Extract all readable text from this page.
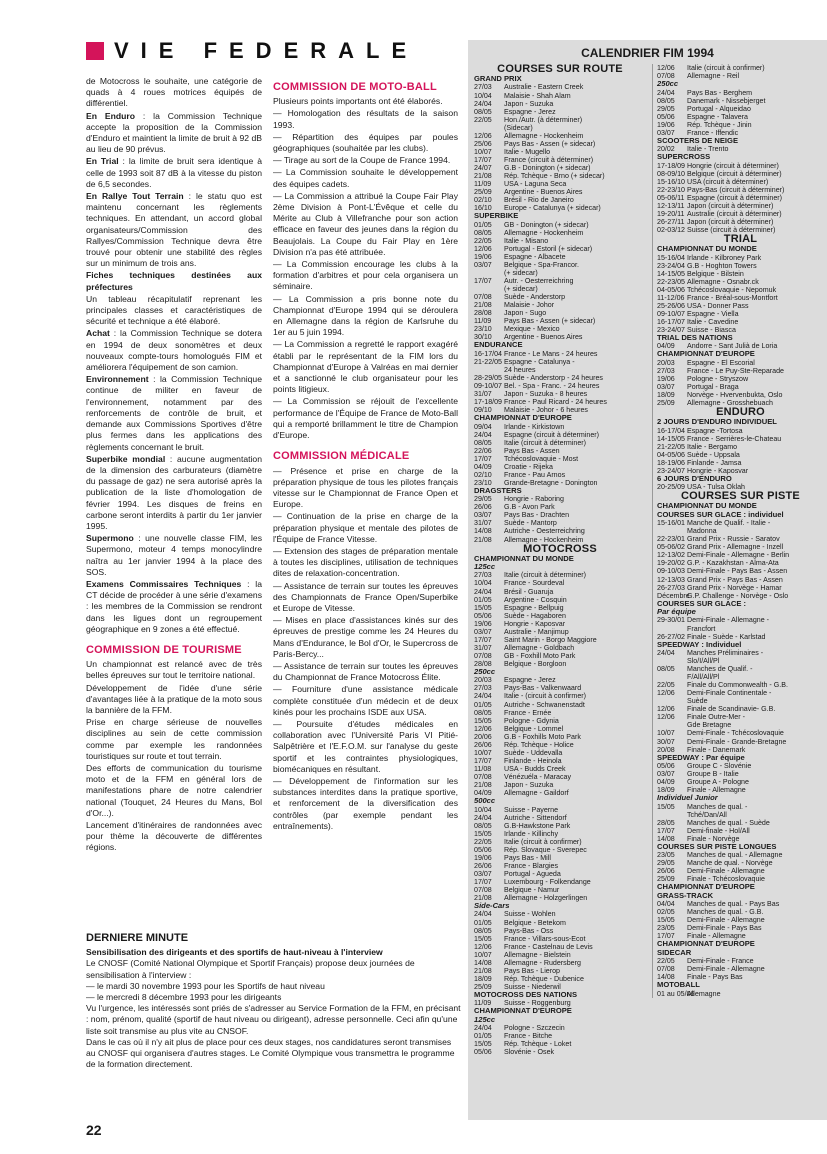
VIE FEDERALE

de Motocross le souhaite, une catégorie de quads à 4 roues motrices équipés de différentiel.

En Enduro : la Commission Technique accepte la proposition de la Commission d'Enduro et maintient la limite de bruit à 92 dB au lieu de 90 prévus.

En Trial : la limite de bruit sera identique à celle de 1993 soit 87 dB à la vitesse du piston de 6,5 secondes.

En Rallye Tout Terrain : le statu quo est maintenu concernant les règlements techniques. En attendant, un accord global organisateurs/Commission des Rallyes/Commission Technique devra être trouvé pour obtenir une stabilité des règles sur un minimum de trois ans.

Fiches techniques destinées aux préfectures

Un tableau récapitulatif reprenant les principales classes et caractéristiques de sécurité et technique a été élaboré.

Achat : la Commission Technique se dotera en 1994 de deux sonomètres et deux nouveaux compte-tours homologués FIM et améliorera l'équipement de son camion.

Environnement : la Commission Technique continue de militer en faveur de l'environnement, notamment par des renforcements de contrôle de bruit, et demande aux Commissions Sportives d'être plus fermes dans les applications des règlements concernant le bruit.

Superbike mondial : aucune augmentation de la dimension des carburateurs (diamètre du passage de gaz) ne sera autorisé après la publication de la liste d'homologation de février 1994. Les disques de freins en carbone seront interdits à partir du 1er janvier 1995.

Supermono : une nouvelle classe FIM, les Supermono, moteur 4 temps monocylindre naîtra au 1er janvier 1994 à la place des SOS.

Examens Commissaires Techniques : la CT décide de procéder à une série d'examens : les membres de la Commission se rendront dans les ligues dont un regroupement géographique en 9 zones a été effectué.

COMMISSION DE TOURISME

Un championnat est relancé avec de très belles épreuves sur tout le territoire national.

Développement de l'idée d'une série d'avantages liée à la pratique de la moto sous la bannière de la FFM.

Prise en charge sérieuse de nouvelles disciplines au sein de cette commission comme par exemple les randonnées touristiques sur route et tout terrain.

Des efforts de communication du tourisme moto et de la FFM en général lors de manifestations phare de notre calendrier national (Touquet, 24 Heures du Mans, Bol d'Or...).

Lancement d'itinéraires de randonnées avec pour thème la découverte de différentes régions.

COMMISSION DE MOTO-BALL

Plusieurs points importants ont été élaborés.

— Homologation des résultats de la saison 1993.

— Répartition des équipes par poules géographiques (souhaitée par les clubs).

— Tirage au sort de la Coupe de France 1994.

— La Commission souhaite le développement des équipes cadets.

— La Commission a attribué la Coupe Fair Play 2ème Division à Pont-L'Évêque et celle du Mérite au Club à Villefranche pour son action efficace en faveur des jeunes dans la région du Beaujolais. La Coupe du Fair Play en 1ère Division n'a pas été attribuée.

— La Commission encourage les clubs à la formation d'arbitres et pour cela organisera un séminaire.

— La Commission a pris bonne note du Championnat d'Europe 1994 qui se déroulera en Allemagne dans la région de Karlsruhe du 1er au 5 juin 1994.

— La Commission a regretté le rapport exagéré établi par le représentant de la FIM lors du Championnat d'Europe à Valréas en mai dernier et a sanctionné le club organisateur pour les points litigieux.

— La Commission se réjouit de l'excellente performance de l'Équipe de France de Moto-Ball qui a remporté brillamment le titre de Champion d'Europe.

COMMISSION MÉDICALE

— Présence et prise en charge de la préparation physique de tous les pilotes français vitesse sur le Championnat de France Open et Europe.

— Continuation de la prise en charge de la préparation physique et mentale des pilotes de l'Équipe de France Vitesse.

— Extension des stages de préparation mentale à toutes les disciplines, utilisation de techniques dites de relaxation-concentration.

— Assistance de terrain sur toutes les épreuves des Championnats de France Open/Superbike et Europe de Vitesse.

— Mises en place d'assistances kinés sur des épreuves de prestige comme les 24 Heures du Mans d'Endurance, le Bol d'Or, le Supercross de Paris-Bercy...

— Assistance de terrain sur toutes les épreuves du Championnat de France Motocross Élite.

— Fourniture d'une assistance médicale complète constituée d'un médecin et de deux kinés pour les prochains ISDE aux USA.

— Poursuite d'études médicales en collaboration avec l'Université Paris VI Pitié-Salpêtrière et l'E.F.O.M. sur l'analyse du geste sportif et les contraintes physiologiques, biomécaniques en résultant.

— Développement de l'information sur les substances interdites dans la pratique sportive, et renforcement de la diversification des contrôles (par exemple pendant les entraînements).

CALENDRIER FIM 1994
COURSES SUR ROUTE
GRAND PRIX
27/03	Australie - Eastern Creek
10/04	Malaisie - Shah Alam
24/04	Japon - Suzuka
08/05	Espagne - Jerez
22/05	Hon./Autr. (à déterminer)
(Sidecar)
12/06	Allemagne - Hockenheim
25/06	Pays Bas - Assen (+ sidecar)
10/07	Italie - Mugello
17/07	France (circuit à déterminer)
24/07	G.B - Donington (+ sidecar)
21/08	Rép. Tchèque - Brno (+ sidecar)
11/09	USA - Laguna Seca
25/09	Argentine - Buenos Aires
02/10	Brésil - Rio de Janeiro
16/10	Europe - Catalunya (+ sidecar)
SUPERBIKE
01/05	GB - Donington (+ sidecar)
08/05	Allemagne - Hockenheim
22/05	Italie - Misano
12/06	Portugal - Estoril (+ sidecar)
19/06	Espagne - Albacete
03/07	Belgique - Spa-Francor.
(+ sidecar)
17/07	Autr. - Oesterreichring
(+ sidecar)
07/08	Suède - Anderstorp
21/08	Malaisie - Johor
28/08	Japon - Sugo
11/09	Pays Bas - Assen (+ sidecar)
23/10	Mexique - Mexico
30/10	Argentine - Buenos Aires
ENDURANCE
16-17/04 France - Le Mans - 24 heures
21-22/05 Espagne - Catalunya -
24 heures
28-29/05 Suède - Anderstorp - 24 heures
09-10/07 Bel. - Spa - Franc. - 24 heures
31/07	Japon - Suzuka - 8 heures
17-18/09 France - Paul Ricard - 24 heures
09/10	Malaisie - Johor - 6 heures
CHAMPIONNAT D'EUROPE
09/04	Irlande - Kirkistown
24/04	Espagne (circuit à déterminer)
08/05	Italie (circuit à déterminer)
22/06	Pays Bas - Assen
17/07	Tchécoslovaquie - Most
04/09	Croatie - Rijeka
02/10	France - Pau Arnos
23/10	Grande-Bretagne - Donington
DRAGSTERS
29/05	Hongrie - Raboring
26/06	G.B - Avon Park
03/07	Pays Bas - Drachten
31/07	Suède - Mantorp
14/08	Autriche - Oesterreichring
21/08	Allemagne - Hockenheim
MOTOCROSS
CHAMPIONNAT DU MONDE
125cc
27/03	Italie (circuit à déterminer)
10/04	France - Sourdeval
24/04	Brésil - Guaruja
01/05	Argentine - Cosquin
15/05	Espagne - Bellpuig
05/06	Suède - Hagaboren
19/06	Hongrie - Kaposvar
03/07	Australie - Manjimup
17/07	Saint Marin - Borgo Maggiore
31/07	Allemagne - Goldbach
07/08	GB - Foxhill Moto Park
28/08	Belgique - Borgloon
250cc
20/03	Espagne - Jerez
27/03	Pays-Bas - Valkenwaard
24/04	Italie - (circuit à confirmer)
01/05	Autriche - Schwanenstadt
08/05	France - Ernée
15/05	Pologne - Gdynia
12/06	Belgique - Lommel
20/06	G.B - Foxhills Moto Park
26/06	Rép. Tchèque - Holice
10/07	Suède - Uddevalla
17/07	Finlande - Heinola
11/08	USA - Budds Creek
07/08	Vénézuéla - Maracay
21/08	Japon - Suzuka
04/09	Allemagne - Gaildorf
500cc
10/04	Suisse - Payerne
24/04	Autriche - Sittendorf
08/05	G.B-Hawkstone Park
15/05	Irlande - Killinchy
22/05	Italie (circuit à confirmer)
05/06	Rép. Slovaque - Sverepec
19/06	Pays Bas - Mill
26/06	France - Blargies
03/07	Portugal - Agueda
17/07	Luxembourg - Folkendange
07/08	Belgique - Namur
21/08	Allemagne - Holzgerlingen
Side-Cars
24/04	Suisse - Wohlen
01/05	Belgique - Betekom
08/05	Pays-Bas - Oss
15/05	France - Villars-sous-Ecot
12/06	France - Castelnau de Levis
10/07	Allemagne - Bielstein
14/08	Allemagne - Rudersberg
21/08	Pays Bas - Lierop
18/09	Rép. Tchèque - Dubenice
25/09	Suisse - Niederwil
MOTOCROSS DES NATIONS
11/09	Suisse - Roggenburg
CHAMPIONNAT D'EUROPE
125cc
24/04	Pologne - Szczecin
01/05	France - Bitche
15/05	Rép. Tchèque - Loket
05/06	Slovénie - Osek
12/06	Italie (circuit à confirmer)
07/08	Allemagne - Reil
250cc
24/04	Pays Bas - Berghem
08/05	Danemark - Nissebjerget
29/05	Portugal - Alqueidao
05/06	Espagne - Talavera
19/06	Rép. Tchèque - Jinin
03/07	France - Iffendic
SCOOTERS DE NEIGE
20/02	Italie - Trento
SUPERCROSS
17-18/09 Hongrie (circuit à déterminer)
08-09/10 Belgique (circuit à déterminer)
15-16/10 USA (circuit à déterminer)
22-23/10 Pays-Bas (circuit à déterminer)
05-06/11 Espagne (circuit à déterminer)
12-13/11 Japon (circuit à déterminer)
19-20/11 Australie (circuit à déterminer)
26-27/11 Japon (circuit à déterminer)
02-03/12 Suisse (circuit à déterminer)
TRIAL
CHAMPIONNAT DU MONDE
15-16/04 Irlande - Kilbroney Park
23-24/04 G.B - Hoghton Towers
14-15/05 Belgique - Bilstein
22-23/05 Allemagne - Osnabr.ck
04-05/06 Tchécoslovaquie - Nepomuk
11-12/06 France - Bréal-sous-Montfort
25-26/06 USA - Donner Pass
09-10/07 Espagne - Viella
16-17/07 Italie - Cavedine
23-24/07 Suisse - Biasca
TRIAL DES NATIONS
04/09	Andorre - Sant Julià de Loria
CHAMPIONNAT D'EUROPE
20/03	Espagne - El Escorial
27/03	France - Le Puy-Ste-Reparade
19/06	Pologne - Stryszow
03/07	Portugal - Braga
18/09	Norvège - Hvervenbukta, Oslo
25/09	Allemagne - Grosshebuach
ENDURO
2 JOURS D'ENDURO INDIVIDUEL
16-17/04 Espagne -Tortosa
14-15/05 France - Serrières-le-Chateau
21-22/05 Italie - Bergamo
04-05/06 Suède - Uppsala
18-19/06 Finlande - Jamsa
23-24/07 Hongrie - Kaposvar
6 JOURS D'ENDURO
20-25/09 USA - Tulsa Oklah
COURSES SUR PISTE
CHAMPIONNAT DU MONDE
COURSES SUR GLACE : individuel
15-16/01 Manche de Qualif. - Italie -
Madonna
22-23/01 Grand Prix - Russie - Saratov
05-06/02 Grand Prix - Allemagne - Inzell
12-13/02 Demi-Finale - Allemagne - Berlin
19-20/02 G.P. - Kazakhstan - Alma-Ata
09-10/03 Demi-Finale - Pays Bas - Assen
12-13/03 Grand Prix - Pays Bas - Assen
26-27/03 Grand Prix - Norvège - Hamar
Décembre
G.P. Challenge - Norvège - Oslo
COURSES SUR GLACE :
Par équipe
29-30/01 Demi-Finale - Allemagne -
Francfort
26-27/02 Finale - Suède - Karlstad
SPEEDWAY : Individuel
24/04	Manches Préliminaires -
Slo/I/All/Pl
08/05	Manches de Qualif. -
F/All/All/Pl
22/05	Finale du Commonwealth - G.B.
12/06	Demi-Finale Continentale -
Suède
12/06	Finale de Scandinavie- G.B.
12/06	Finale Outre-Mer -
Gde Bretagne
10/07	Demi-Finale - Tchécoslovaquie
30/07	Demi-Finale - Grande-Bretagne
20/08	Finale - Danemark
SPEEDWAY : Par équipe
05/06	Groupe C - Slovénie
03/07	Groupe B - Italie
04/09	Groupe A - Pologne
18/09	Finale - Allemagne
Individuel Junior
15/05	Manches de qual. -
Tché/Dan/All
28/05	Manches de qual. - Suède
17/07	Demi-finale - Hol/All
14/08	Finale - Norvège
COURSES SUR PISTE LONGUES
23/05	Manches de qual. - Allemagne
29/05	Manche de qual. - Norvège
26/06	Demi-Finale - Allemagne
25/09	Finale - Tchécoslovaquie
CHAMPIONNAT D'EUROPE
GRASS-TRACK
04/04	Manches de qual. - Pays Bas
02/05	Manches de qual. - G.B.
15/05	Demi-Finale - Allemagne
23/05	Demi-Finale - Pays Bas
17/07	Finale - Allemagne
CHAMPIONNAT D'EUROPE
SIDECAR
22/05	Demi-Finale - France
07/08	Demi-Finale - Allemagne
14/08	Finale - Pays Bas
MOTOBALL
01 au 05/06
Allemagne
DERNIERE MINUTE
Sensibilisation des dirigeants et des sportifs de haut-niveau à l'interview

Le CNOSF (Comité National Olympique et Sportif Français) propose deux journées de sensibilisation à l'interview :

— le mardi 30 novembre 1993 pour les Sportifs de haut niveau

— le mercredi 8 décembre 1993 pour les dirigeants

Vu l'urgence, les intéressés sont priés de s'adresser au Service Formation de la FFM, en précisant : nom, prénom, qualité (sportif de haut niveau ou dirigeant), adresse personnelle. Ceci afin qu'une liste soit transmise au plus vite au CNSOF.

Dans le cas où il n'y ait plus de place pour ces deux stages, nos candidatures seront transmises au CNOSF qui organisera d'autres stages. Le Comité Olympique vous transmettra le programme de la formation directement.

22
